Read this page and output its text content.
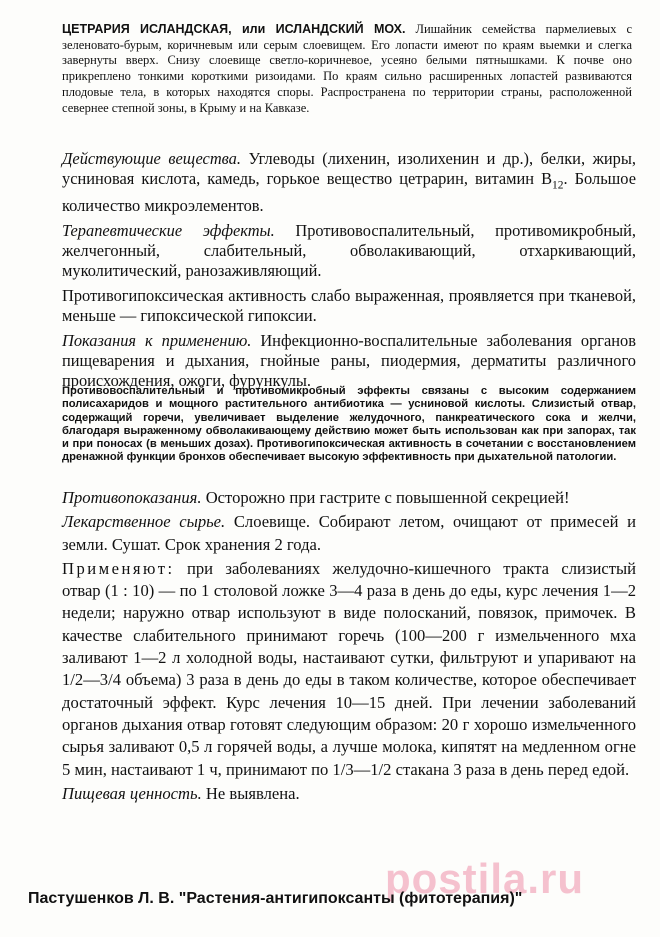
ЦЕТРАРИЯ ИСЛАНДСКАЯ, или ИСЛАНДСКИЙ МОХ. Лишайник семейства пармелиевых с зеленовато-бурым, коричневым или серым слоевищем. Его лопасти имеют по краям выемки и слегка завернуты вверх. Снизу слоевище светло-коричневое, усеяно белыми пятнышками. К почве оно прикреплено тонкими короткими ризоидами. По краям сильно расширенных лопастей развиваются плодовые тела, в которых находятся споры. Распространена по территории страны, расположенной севернее степной зоны, в Крыму и на Кавказе.

Действующие вещества. Углеводы (лихенин, изолихенин и др.), белки, жиры, усниновая кислота, камедь, горькое вещество цетрарин, витамин $В_{12}$. Большое количество микроэлементов.

Терапевтические эффекты. Противовоспалительный, противомикробный, желчегонный, слабительный, обволакивающий, отхаркивающий, муколитический, ранозаживляющий.

Противогипоксическая активность слабо выраженная, проявляется при тканевой, меньше — гипоксической гипоксии.

Показания к применению. Инфекционно-воспалительные заболевания органов пищеварения и дыхания, гнойные раны, пиодермия, дерматиты различного происхождения, ожоги, фурункулы.

Противовоспалительный и противомикробный эффекты связаны с высоким содержанием полисахаридов и мощного растительного антибиотика — усниновой кислоты. Слизистый отвар, содержащий горечи, увеличивает выделение желудочного, панкреатического сока и желчи, благодаря выраженному обволакивающему действию может быть использован как при запорах, так и при поносах (в меньших дозах). Противогипоксическая активность в сочетании с восстановлением дренажной функции бронхов обеспечивает высокую эффективность при дыхательной патологии.

Противопоказания. Осторожно при гастрите с повышенной секрецией!

Лекарственное сырье. Слоевище. Собирают летом, очищают от примесей и земли. Сушат. Срок хранения 2 года.

Применяют: при заболеваниях желудочно-кишечного тракта слизистый отвар (1 : 10) — по 1 столовой ложке 3—4 раза в день до еды, курс лечения 1—2 недели; наружно отвар используют в виде полосканий, повязок, примочек. В качестве слабительного принимают горечь (100—200 г измельченного мха заливают 1—2 л холодной воды, настаивают сутки, фильтруют и упаривают на 1/2—3/4 объема) 3 раза в день до еды в таком количестве, которое обеспечивает достаточный эффект. Курс лечения 10—15 дней. При лечении заболеваний органов дыхания отвар готовят следующим образом: 20 г хорошо измельченного сырья заливают 0,5 л горячей воды, а лучше молока, кипятят на медленном огне 5 мин, настаивают 1 ч, принимают по 1/3—1/2 стакана 3 раза в день перед едой.

Пищевая ценность. Не выявлена.

postila.ru
Пастушенков Л. В. "Растения-антигипоксанты (фитотерапия)"
